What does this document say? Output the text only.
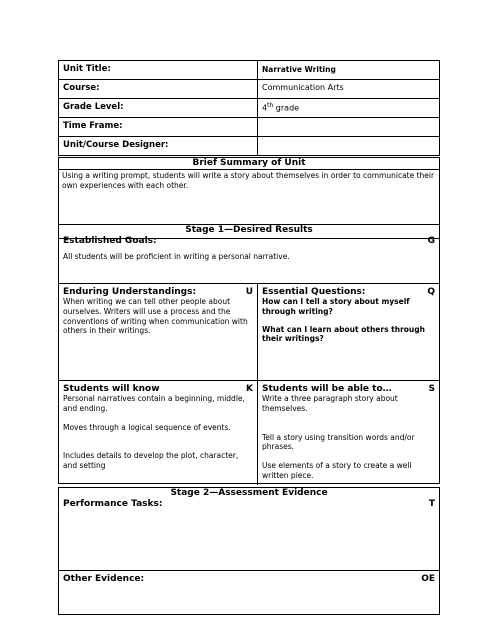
Unit Title:	Narrative Writing
Course:	Communication Arts
Grade Level:	4th grade
Time Frame:
Unit/Course Designer:
Brief Summary of Unit
Using a writing prompt, students will write a story about themselves in order to communicate their own experiences with each other.
Stage 1—Desired Results
Established Goals:	G
All students will be proficient in writing a personal narrative.
Enduring Understandings:	U
When writing we can tell other people about ourselves. Writers will use a process and the conventions of writing when communication with others in their writings.
Essential Questions:	Q
How can I tell a story about myself through writing?
What can I learn about others through their writings?
Students will know	K
Personal narratives contain a beginning, middle, and ending.
Moves through a logical sequence of events.
Includes details to develop the plot, character, and setting
Students will be able to…	S
Write a three paragraph story about themselves.
Tell a story using transition words and/or phrases.
Use elements of a story to create a well written piece.
Stage 2—Assessment Evidence
Performance Tasks:	T
Other Evidence:	OE
